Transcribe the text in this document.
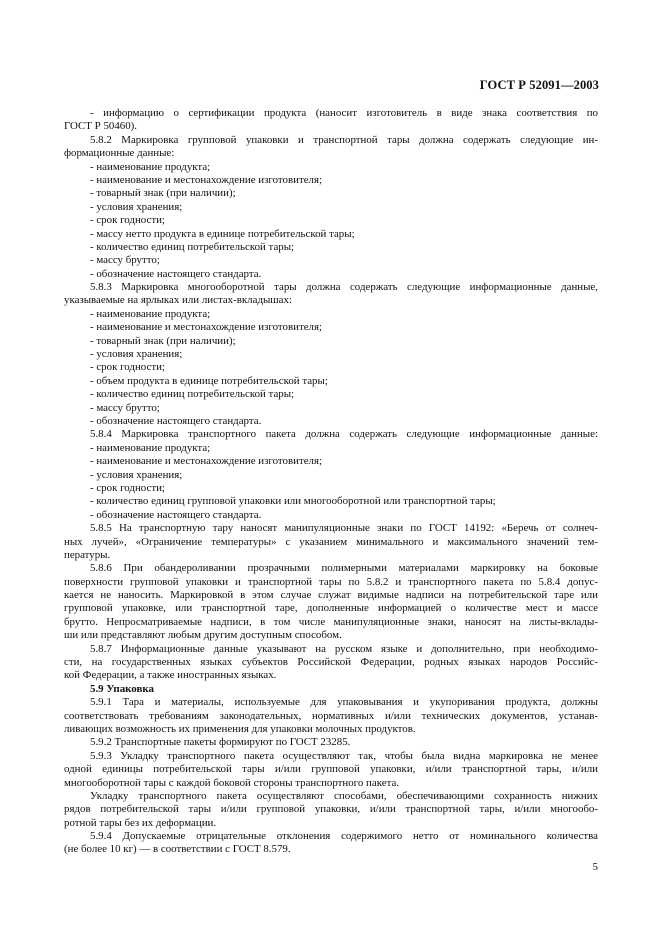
ГОСТ Р 52091—2003

- информацию о сертификации продукта (наносит изготовитель в виде знака соответствия по

ГОСТ Р 50460).

5.8.2 Маркировка групповой упаковки и транспортной тары должна содержать следующие ин-

формационные данные:

- наименование продукта;

- наименование и местонахождение изготовителя;

- товарный знак (при наличии);

- условия хранения;

- срок годности;

- массу нетто продукта в единице потребительской тары;

- количество единиц потребительской тары;

- массу брутто;

- обозначение настоящего стандарта.

5.8.3 Маркировка многооборотной тары должна содержать следующие информационные данные,

указываемые на ярлыках или листах-вкладышах:

- наименование продукта;

- наименование и местонахождение изготовителя;

- товарный знак (при наличии);

- условия хранения;

- срок годности;

- объем продукта в единице потребительской тары;

- количество единиц потребительской тары;

- массу брутто;

- обозначение настоящего стандарта.

5.8.4 Маркировка транспортного пакета должна содержать следующие информационные данные:

- наименование продукта;

- наименование и местонахождение изготовителя;

- условия хранения;

- срок годности;

- количество единиц групповой упаковки или многооборотной или транспортной тары;

- обозначение настоящего стандарта.

5.8.5 На транспортную тару наносят манипуляционные знаки по ГОСТ 14192: «Беречь от солнеч-

ных лучей», «Ограничение температуры» с указанием минимального и максимального значений тем-

пературы.

5.8.6 При обандероливании прозрачными полимерными материалами маркировку на боковые

поверхности групповой упаковки и транспортной тары по 5.8.2 и транспортного пакета по 5.8.4 допус-

кается не наносить. Маркировкой в этом случае служат видимые надписи на потребительской таре или

групповой упаковке, или транспортной таре, дополненные информацией о количестве мест и массе

брутто. Непросматриваемые надписи, в том числе манипуляционные знаки, наносят на листы-вклады-

ши или представляют любым другим доступным способом.

5.8.7 Информационные данные указывают на русском языке и дополнительно, при необходимо-

сти, на государственных языках субъектов Российской Федерации, родных языках народов Российс-

кой Федерации, а также иностранных языках.

5.9 Упаковка

5.9.1 Тара и материалы, используемые для упаковывания и укупоривания продукта, должны

соответствовать требованиям законодательных, нормативных и/или технических документов, устанав-

ливающих возможность их применения для упаковки молочных продуктов.

5.9.2 Транспортные пакеты формируют по ГОСТ 23285.

5.9.3 Укладку транспортного пакета осуществляют так, чтобы была видна маркировка не менее

одной единицы потребительской тары и/или групповой упаковки, и/или транспортной тары, и/или

многооборотной тары с каждой боковой стороны транспортного пакета.

Укладку транспортного пакета осуществляют способами, обеспечивающими сохранность нижних

рядов потребительской тары и/или групповой упаковки, и/или транспортной тары, и/или многообо-

ротной тары без их деформации.

5.9.4 Допускаемые отрицательные отклонения содержимого нетто от номинального количества

(не более 10 кг) — в соответствии с ГОСТ 8.579.

5
